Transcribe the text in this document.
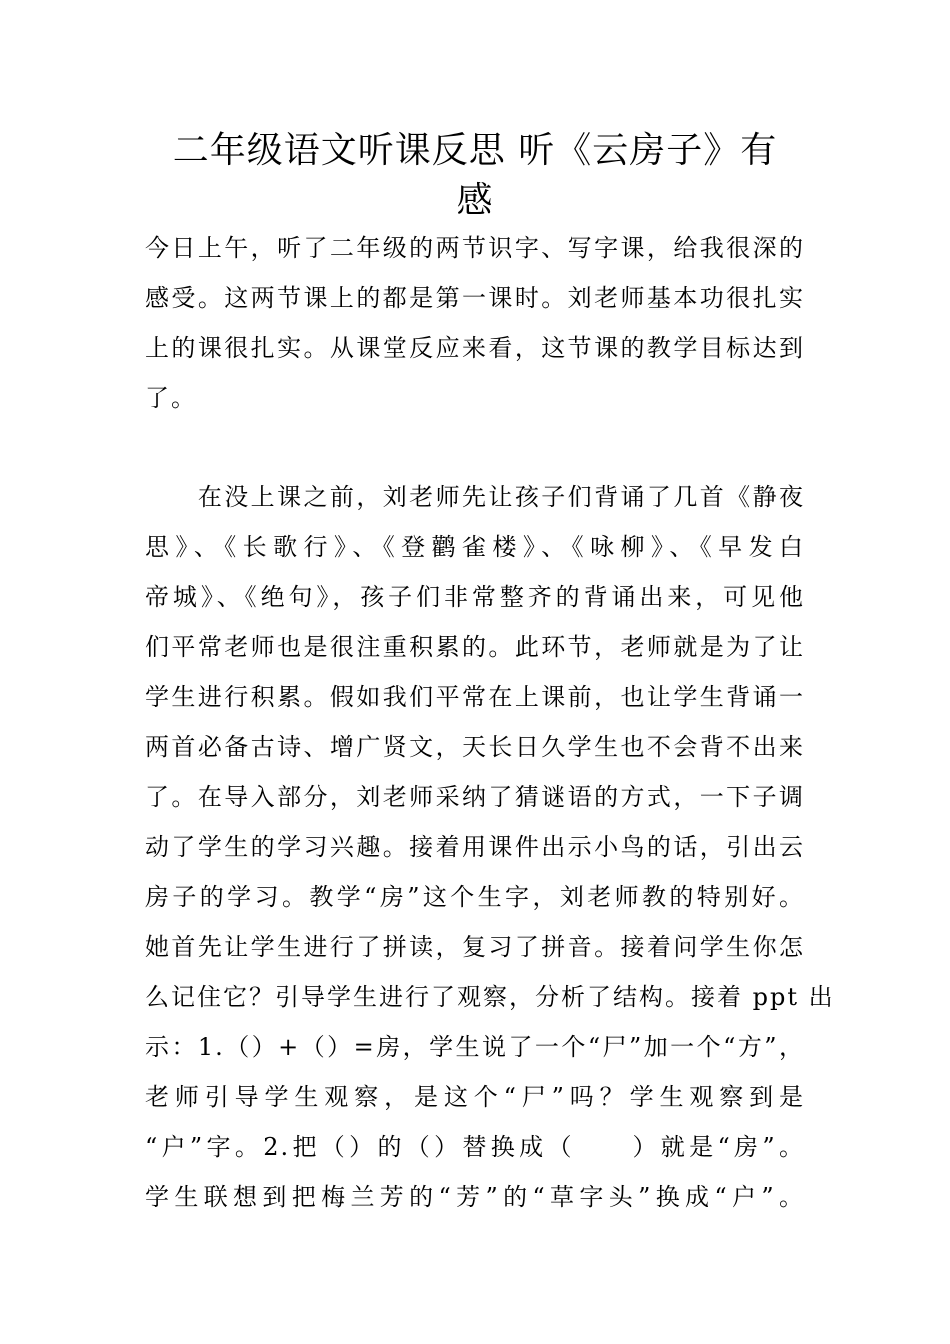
二年级语文听课反思 听《云房子》有
感
今日上午，听了二年级的两节识字、写字课，给我很深的
感受。这两节课上的都是第一课时。刘老师基本功很扎实
上的课很扎实。从课堂反应来看，这节课的教学目标达到
了。
　　在没上课之前，刘老师先让孩子们背诵了几首《静夜
思》、《长歌行》、《登鹳雀楼》、《咏柳》、《早发白
帝城》、《绝句》，孩子们非常整齐的背诵出来，可见他
们平常老师也是很注重积累的。此环节，老师就是为了让
学生进行积累。假如我们平常在上课前，也让学生背诵一
两首必备古诗、增广贤文，天长日久学生也不会背不出来
了。在导入部分，刘老师采纳了猜谜语的方式，一下子调
动了学生的学习兴趣。接着用课件出示小鸟的话，引出云
房子的学习。教学“房”这个生字，刘老师教的特别好。
她首先让学生进行了拼读，复习了拼音。接着问学生你怎
么记住它？引导学生进行了观察，分析了结构。接着 ppt 出
示：1.（）+（）=房，学生说了一个“尸”加一个“方”，
老师引导学生观察，是这个“尸”吗？学生观察到是
“户”字。2.把（）的（）替换成（　　）就是“房”。
学生联想到把梅兰芳的“芳”的“草字头”换成“户”。
